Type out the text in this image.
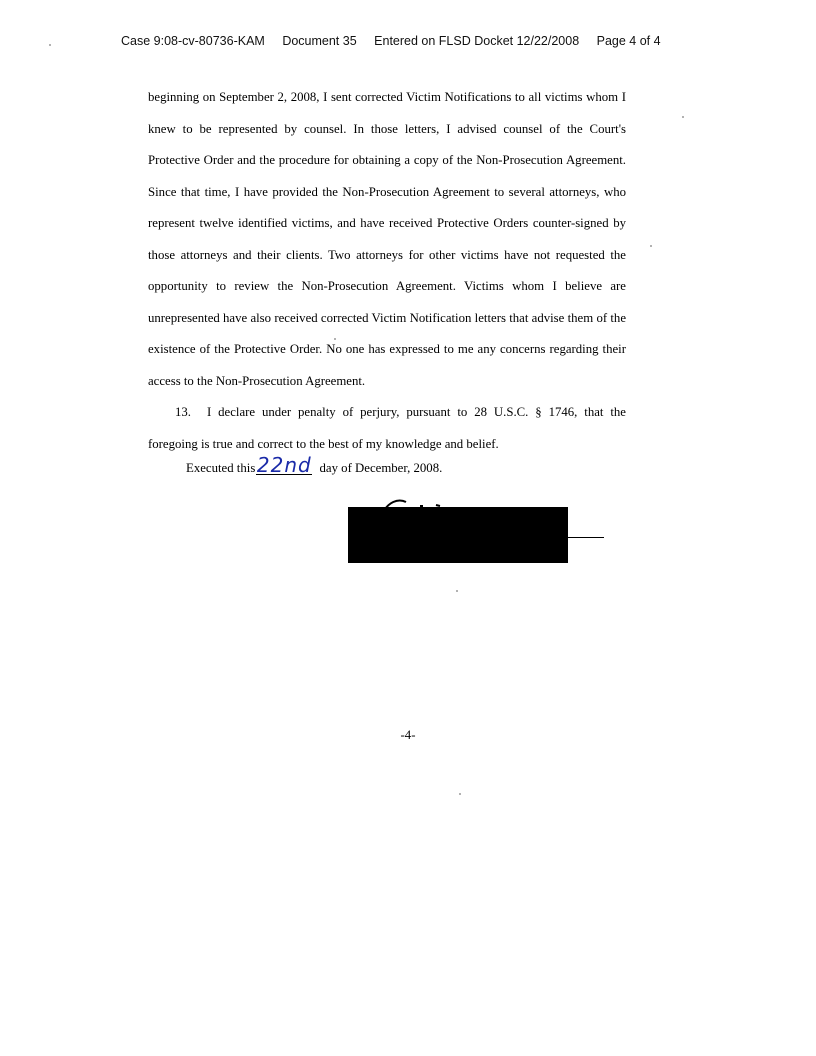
Case 9:08-cv-80736-KAM Document 35 Entered on FLSD Docket 12/22/2008 Page 4 of 4

beginning on September 2, 2008, I sent corrected Victim Notifications to all victims whom I knew to be represented by counsel. In those letters, I advised counsel of the Court's Protective Order and the procedure for obtaining a copy of the Non-Prosecution Agreement. Since that time, I have provided the Non-Prosecution Agreement to several attorneys, who represent twelve identified victims, and have received Protective Orders counter-signed by those attorneys and their clients. Two attorneys for other victims have not requested the opportunity to review the Non-Prosecution Agreement. Victims whom I believe are unrepresented have also received corrected Victim Notification letters that advise them of the existence of the Protective Order. No one has expressed to me any concerns regarding their access to the Non-Prosecution Agreement.

13. I declare under penalty of perjury, pursuant to 28 U.S.C. § 1746, that the foregoing is true and correct to the best of my knowledge and belief.

Executed this22nd day of December, 2008.
-4-
